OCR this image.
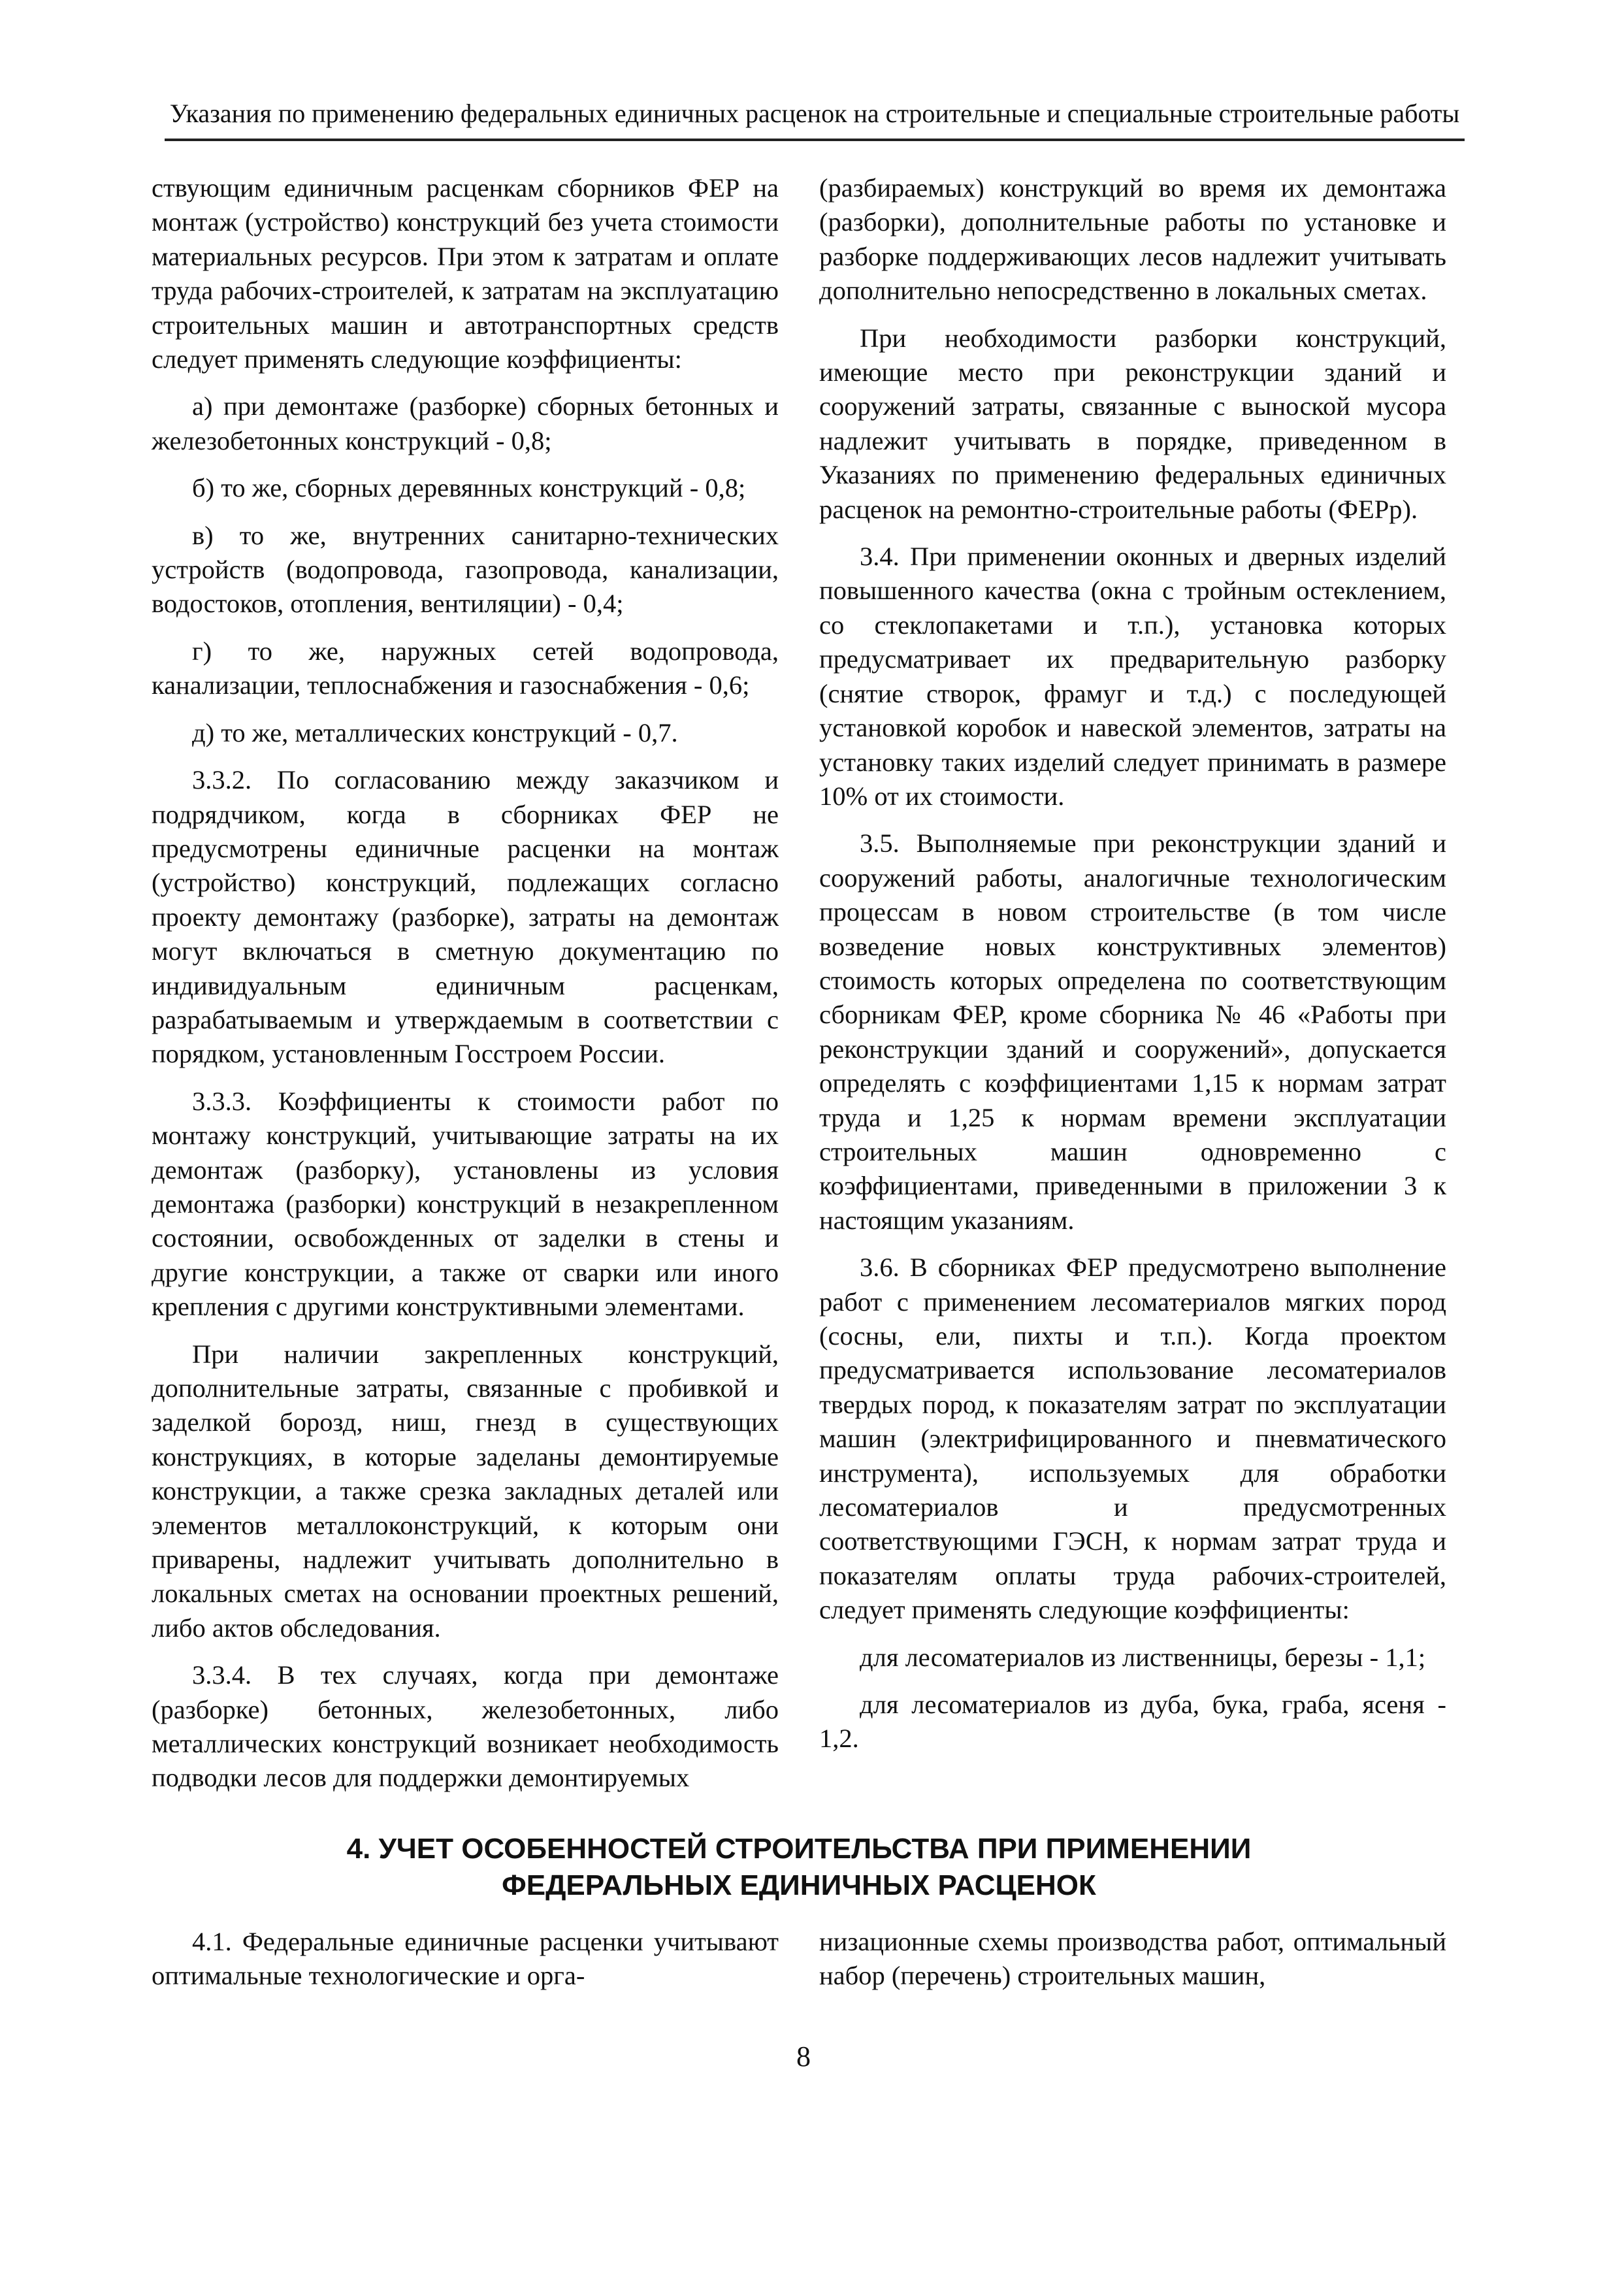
Указания по применению федеральных единичных расценок на строительные и специальные строительные работы

ствующим единичным расценкам сборников ФЕР на монтаж (устройство) конструкций без учета стоимости материальных ресурсов. При этом к затратам и оплате труда рабочих-строителей, к затратам на эксплуатацию строительных машин и автотранспортных средств следует применять следующие коэффициенты:

а) при демонтаже (разборке) сборных бетонных и железобетонных конструкций - 0,8;

б) то же, сборных деревянных конструкций - 0,8;

в) то же, внутренних санитарно-технических устройств (водопровода, газопровода, канализации, водостоков, отопления, вентиляции) - 0,4;

г) то же, наружных сетей водопровода, канализации, теплоснабжения и газоснабжения - 0,6;

д) то же, металлических конструкций - 0,7.

3.3.2. По согласованию между заказчиком и подрядчиком, когда в сборниках ФЕР не предусмотрены единичные расценки на монтаж (устройство) конструкций, подлежащих согласно проекту демонтажу (разборке), затраты на демонтаж могут включаться в сметную документацию по индивидуальным единичным расценкам, разрабатываемым и утверждаемым в соответствии с порядком, установленным Госстроем России.

3.3.3. Коэффициенты к стоимости работ по монтажу конструкций, учитывающие затраты на их демонтаж (разборку), установлены из условия демонтажа (разборки) конструкций в незакрепленном состоянии, освобожденных от заделки в стены и другие конструкции, а также от сварки или иного крепления с другими конструктивными элементами.

При наличии закрепленных конструкций, дополнительные затраты, связанные с пробивкой и заделкой борозд, ниш, гнезд в существующих конструкциях, в которые заделаны демонтируемые конструкции, а также срезка закладных деталей или элементов металлоконструкций, к которым они приварены, надлежит учитывать дополнительно в локальных сметах на основании проектных решений, либо актов обследования.

3.3.4. В тех случаях, когда при демонтаже (разборке) бетонных, железобетонных, либо металлических конструкций возникает необходимость подводки лесов для поддержки демонтируемых

(разбираемых) конструкций во время их демонтажа (разборки), дополнительные работы по установке и разборке поддерживающих лесов надлежит учитывать дополнительно непосредственно в локальных сметах.

При необходимости разборки конструкций, имеющие место при реконструкции зданий и сооружений затраты, связанные с выноской мусора надлежит учитывать в порядке, приведенном в Указаниях по применению федеральных единичных расценок на ремонтно-строительные работы (ФЕРр).

3.4. При применении оконных и дверных изделий повышенного качества (окна с тройным остеклением, со стеклопакетами и т.п.), установка которых предусматривает их предварительную разборку (снятие створок, фрамуг и т.д.) с последующей установкой коробок и навеской элементов, затраты на установку таких изделий следует принимать в размере 10% от их стоимости.

3.5. Выполняемые при реконструкции зданий и сооружений работы, аналогичные технологическим процессам в новом строительстве (в том числе возведение новых конструктивных элементов) стоимость которых определена по соответствующим сборникам ФЕР, кроме сборника № 46 «Работы при реконструкции зданий и сооружений», допускается определять с коэффициентами 1,15 к нормам затрат труда и 1,25 к нормам времени эксплуатации строительных машин одновременно с коэффициентами, приведенными в приложении 3 к настоящим указаниям.

3.6. В сборниках ФЕР предусмотрено выполнение работ с применением лесоматериалов мягких пород (сосны, ели, пихты и т.п.). Когда проектом предусматривается использование лесоматериалов твердых пород, к показателям затрат по эксплуатации машин (электрифицированного и пневматического инструмента), используемых для обработки лесоматериалов и предусмотренных соответствующими ГЭСН, к нормам затрат труда и показателям оплаты труда рабочих-строителей, следует применять следующие коэффициенты:

для лесоматериалов из лиственницы, березы - 1,1;

для лесоматериалов из дуба, бука, граба, ясеня - 1,2.

4. УЧЕТ ОСОБЕННОСТЕЙ СТРОИТЕЛЬСТВА ПРИ ПРИМЕНЕНИИ
ФЕДЕРАЛЬНЫХ ЕДИНИЧНЫХ РАСЦЕНОК

4.1. Федеральные единичные расценки учитывают оптимальные технологические и орга-

низационные схемы производства работ, оптимальный набор (перечень) строительных машин,

8
